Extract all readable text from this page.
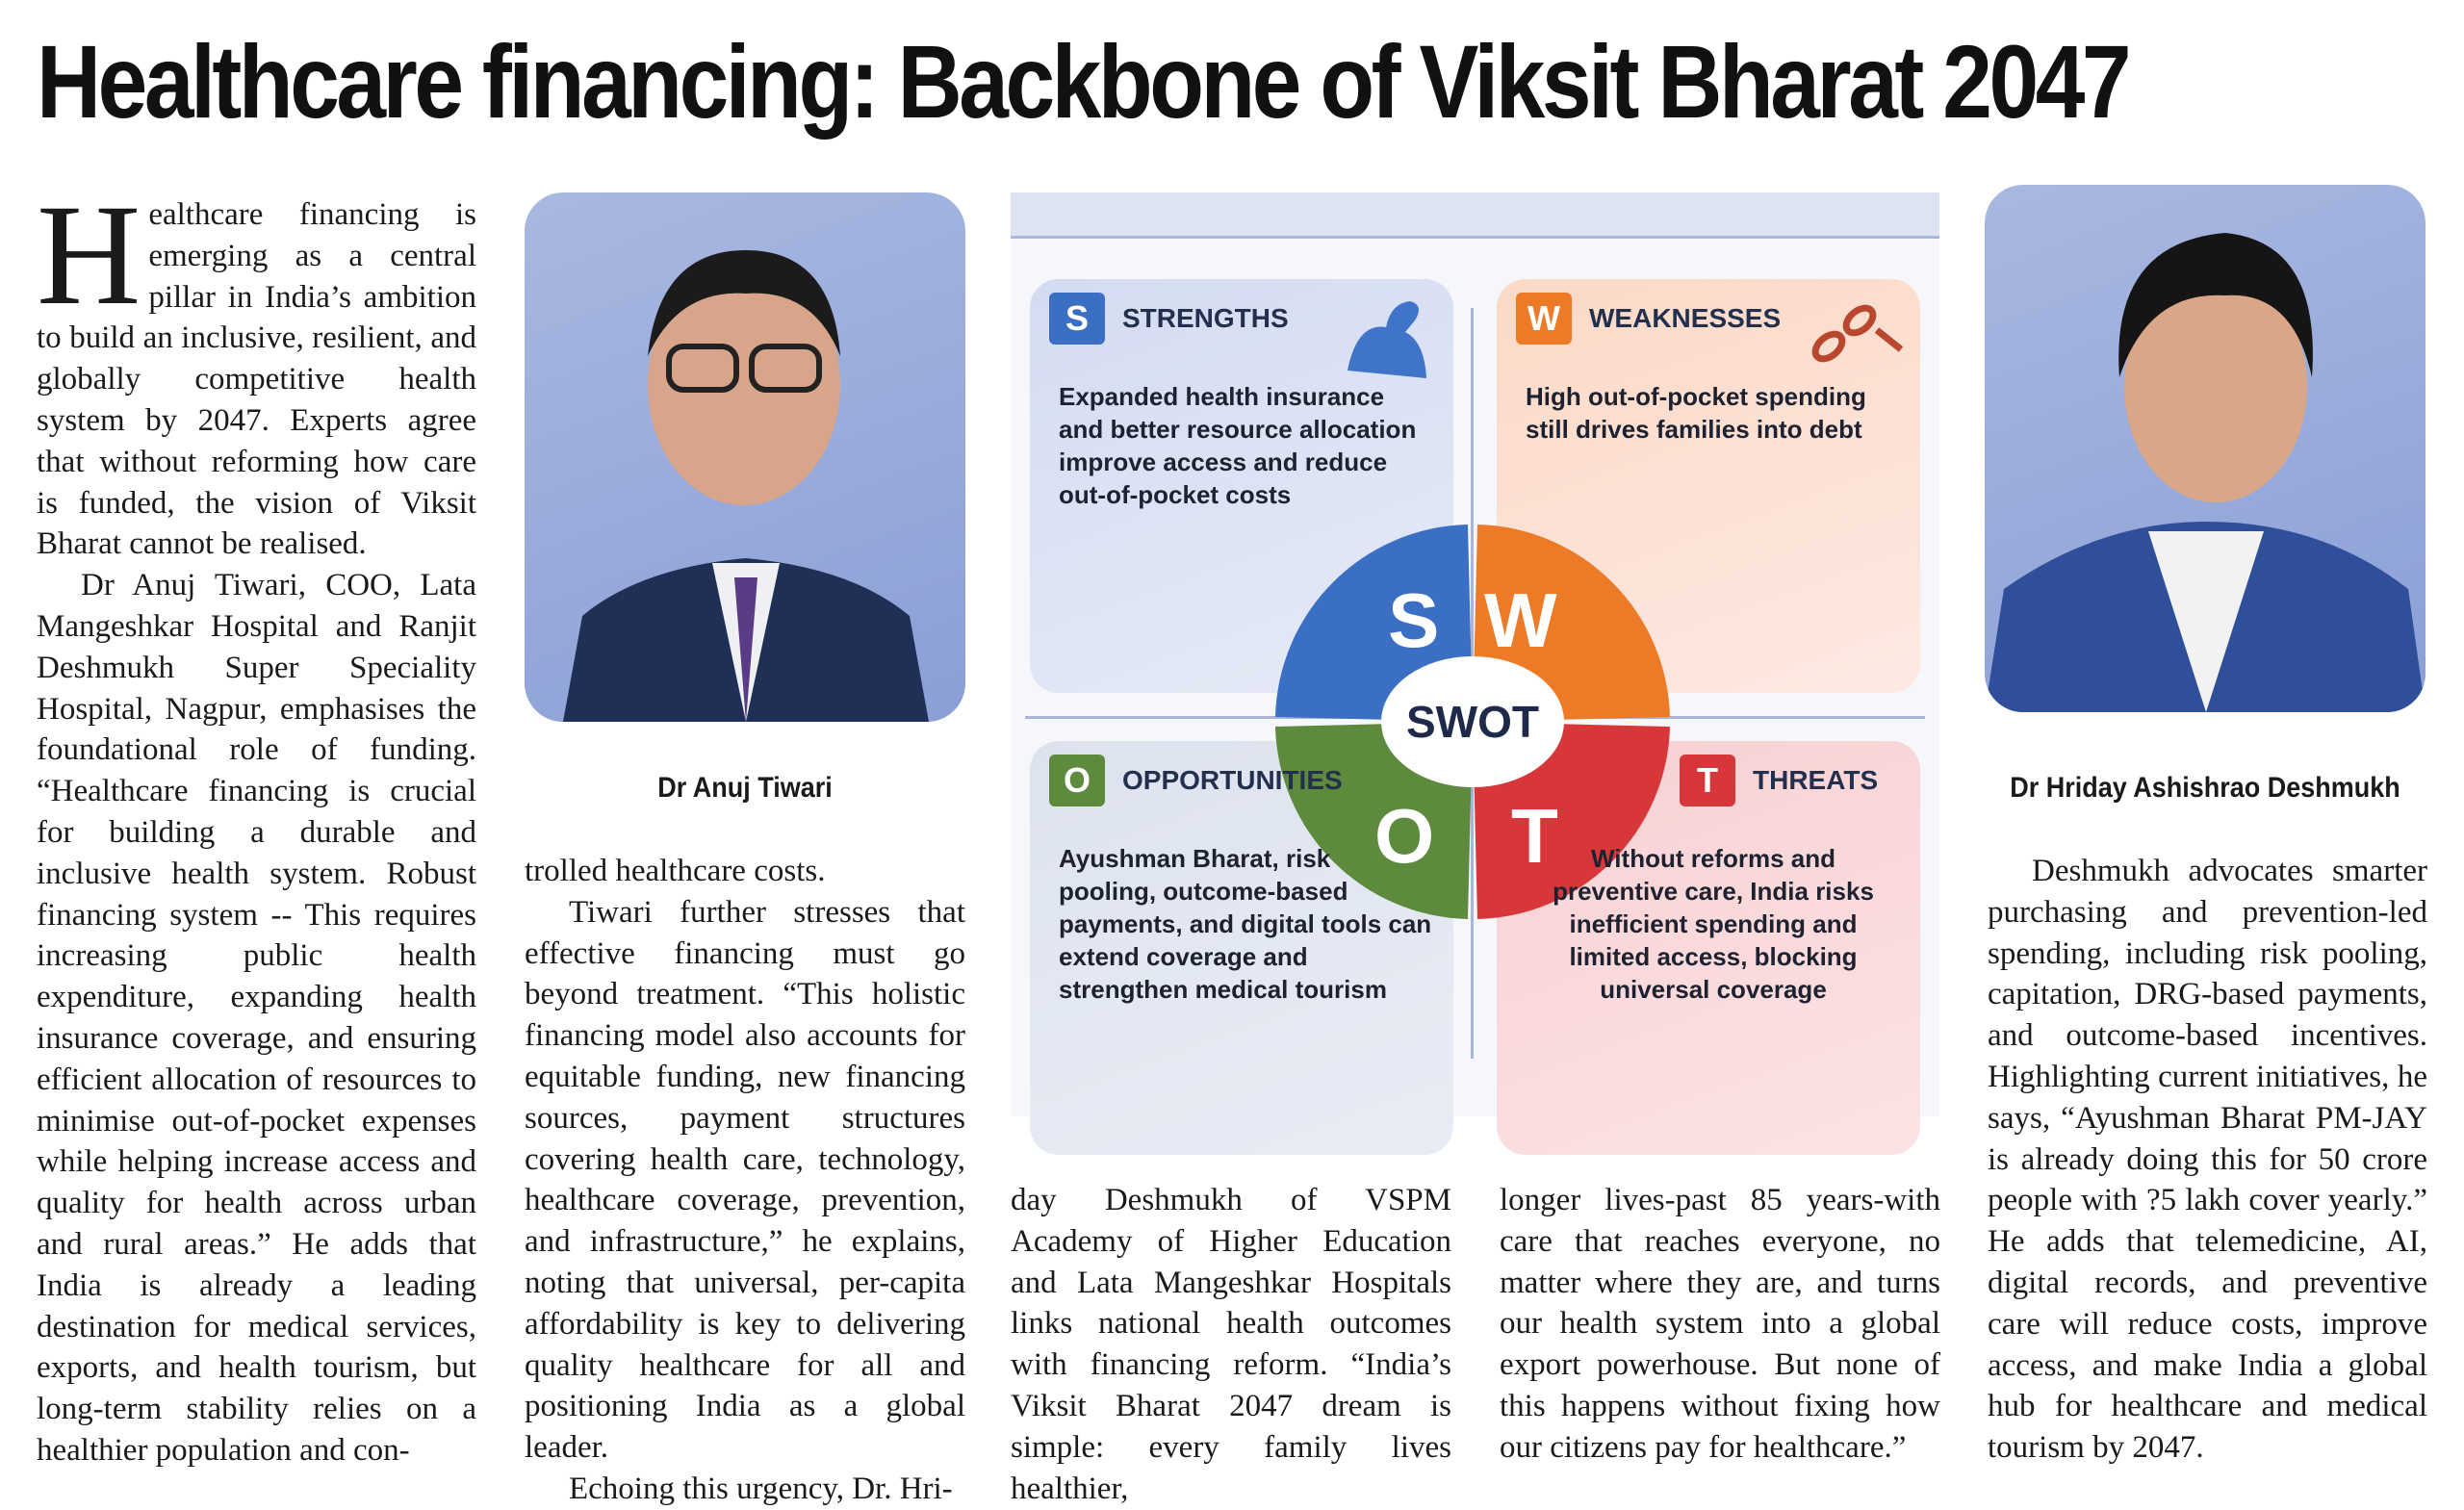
Healthcare financing: Backbone of Viksit Bharat 2047

Healthcare financing is emerging as a central pillar in India’s ambition to build an inclusive, resilient, and globally competitive health system by 2047. Experts agree that without reforming how care is funded, the vision of Viksit Bharat cannot be realised.

Dr Anuj Tiwari, COO, Lata Mangeshkar Hospital and Ranjit Deshmukh Super Speciality Hospital, Nagpur, emphasises the foundational role of funding. “Healthcare financing is crucial for building a durable and inclusive health system. Robust financing system -- This requires increasing public health expenditure, expanding health insurance coverage, and ensuring efficient allocation of resources to minimise out-of-pocket expenses while helping increase access and quality for health across urban and rural areas.” He adds that India is already a leading destination for medical services, exports, and health tourism, but long-term stability relies on a healthier population and con-

Dr Anuj Tiwari

trolled healthcare costs.

Tiwari further stresses that effective financing must go beyond treatment. “This holistic financing model also accounts for equitable funding, new financing sources, payment structures covering health care, technology, healthcare coverage, prevention, and infrastructure,” he explains, noting that universal, per-capita affordability is key to delivering quality healthcare for all and positioning India as a global leader.

Echoing this urgency, Dr. Hri-

S	STRENGTHS
Expanded health insurance and better resource allocation improve access and reduce out-of-pocket costs
W	WEAKNESSES
High out-of-pocket spending still drives families into debt
O	OPPORTUNITIES
Ayushman Bharat, risk pooling, outcome-based payments, and digital tools can extend coverage and strengthen medical tourism
T	THREATS
Without reforms and preventive care, India risks inefficient spending and limited access, blocking universal coverage
S W
O T
SWOT

day Deshmukh of VSPM Academy of Higher Education and Lata Mangeshkar Hospitals links national health outcomes with financing reform. “India’s Viksit Bharat 2047 dream is simple: every family lives healthier,

longer lives-past 85 years-with care that reaches everyone, no matter where they are, and turns our health system into a global export powerhouse. But none of this happens without fixing how our citizens pay for healthcare.”

Dr Hriday Ashishrao Deshmukh

Deshmukh advocates smarter purchasing and prevention-led spending, including risk pooling, capitation, DRG-based payments, and outcome-based incentives. Highlighting current initiatives, he says, “Ayushman Bharat PM-JAY is already doing this for 50 crore people with ?5 lakh cover yearly.” He adds that telemedicine, AI, digital records, and preventive care will reduce costs, improve access, and make India a global hub for healthcare and medical tourism by 2047.
